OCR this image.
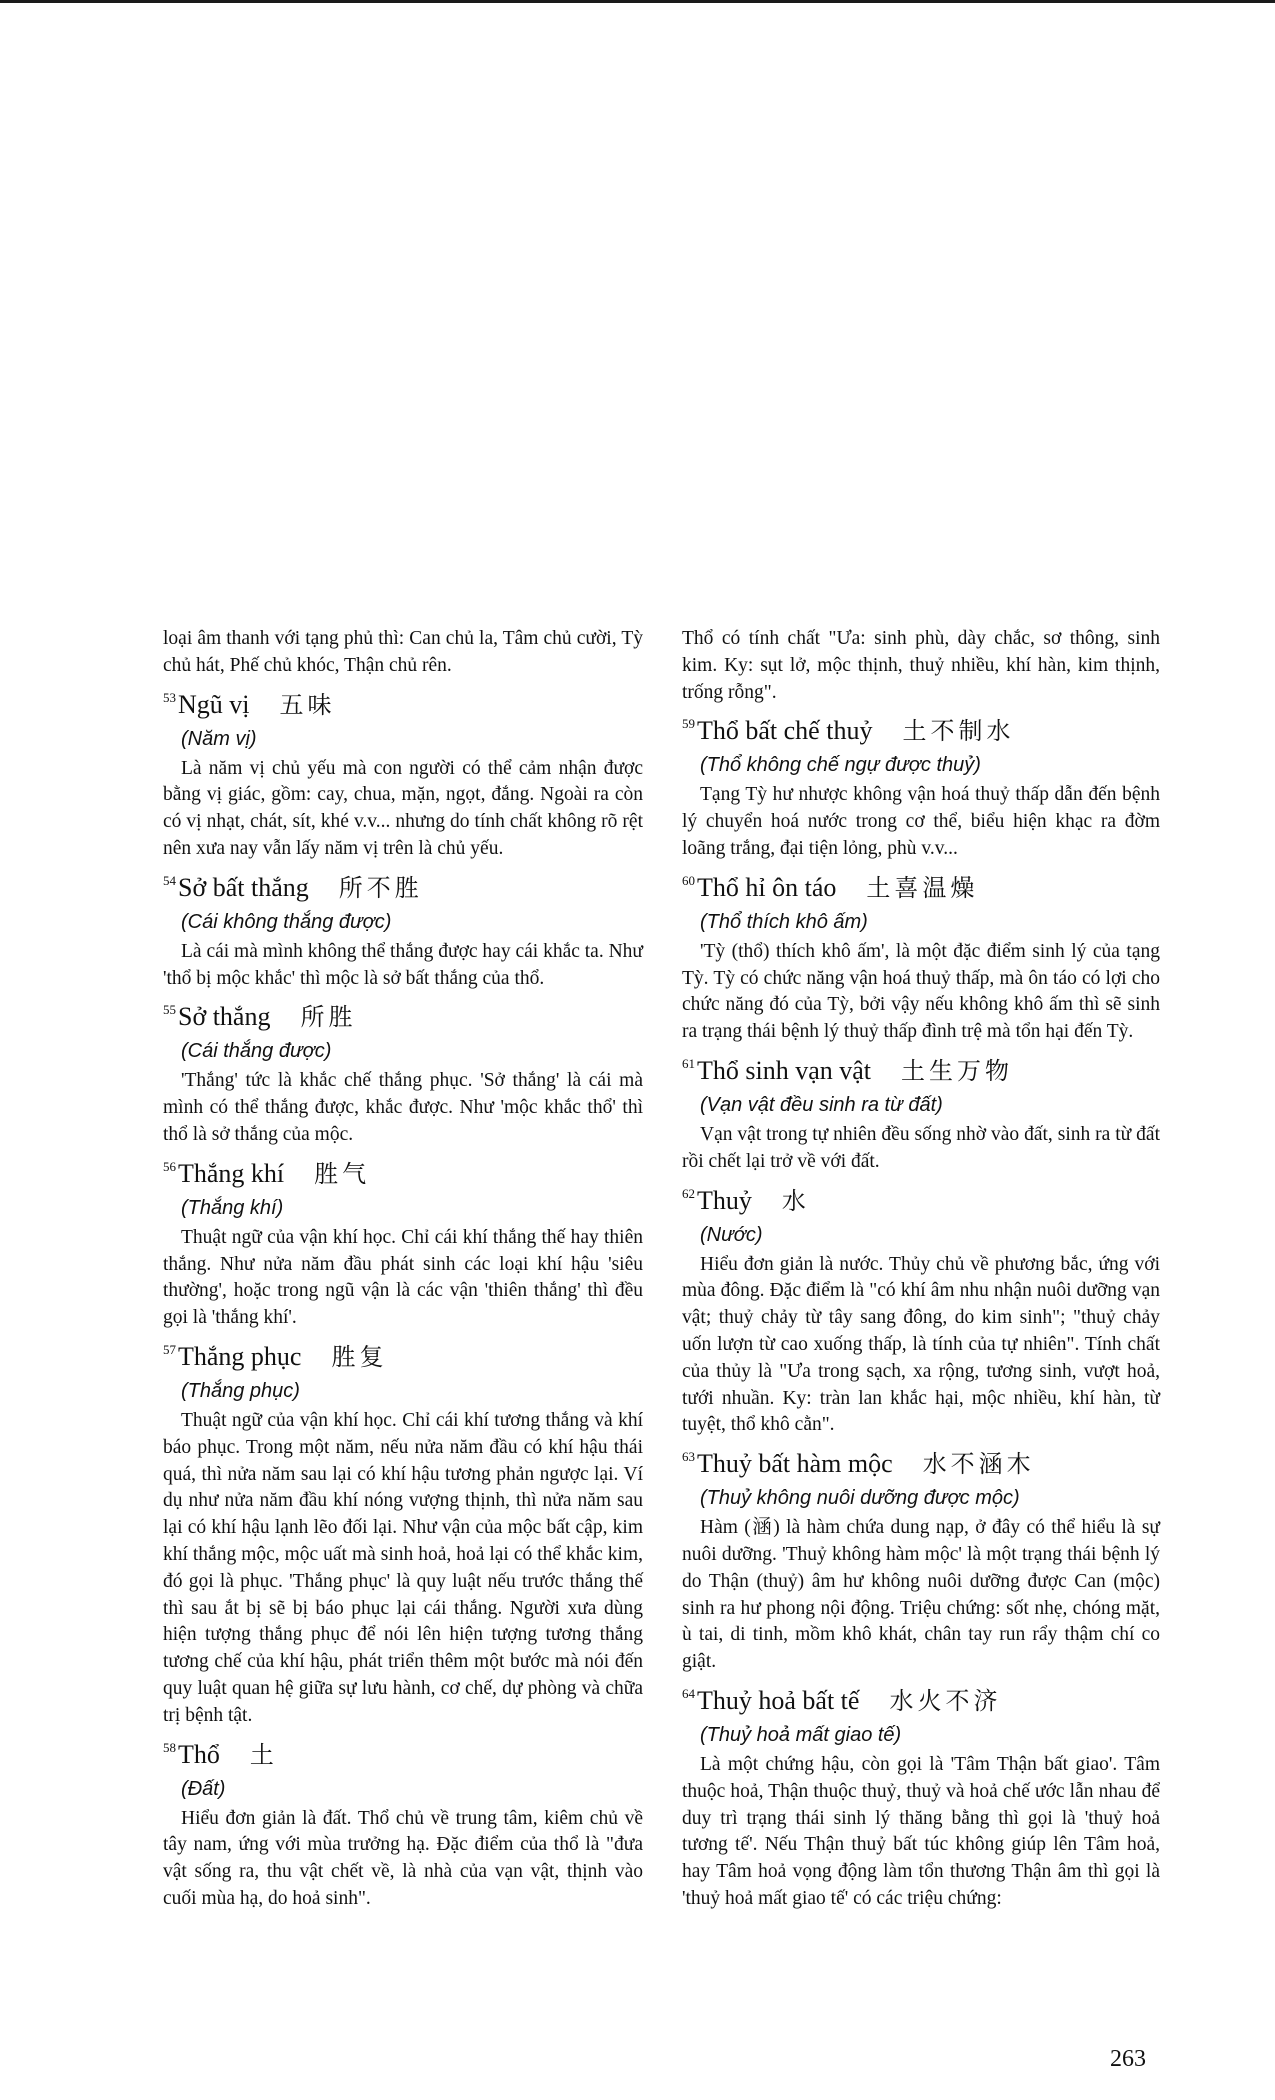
loại âm thanh với tạng phủ thì: Can chủ la, Tâm chủ cười, Tỳ chủ hát, Phế chủ khóc, Thận chủ rên.

53 Ngũ vị 五味
(Năm vị)

Là năm vị chủ yếu mà con người có thể cảm nhận được bằng vị giác, gồm: cay, chua, mặn, ngọt, đắng. Ngoài ra còn có vị nhạt, chát, sít, khé v.v... nhưng do tính chất không rõ rệt nên xưa nay vẫn lấy năm vị trên là chủ yếu.

54 Sở bất thắng 所不胜
(Cái không thắng được)

Là cái mà mình không thể thắng được hay cái khắc ta. Như 'thổ bị mộc khắc' thì mộc là sở bất thắng của thổ.

55 Sở thắng 所胜
(Cái thắng được)

'Thắng' tức là khắc chế thắng phục. 'Sở thắng' là cái mà mình có thể thắng được, khắc được. Như 'mộc khắc thổ' thì thổ là sở thắng của mộc.

56 Thắng khí 胜气
(Thắng khí)

Thuật ngữ của vận khí học. Chỉ cái khí thắng thế hay thiên thắng. Như nửa năm đầu phát sinh các loại khí hậu 'siêu thường', hoặc trong ngũ vận là các vận 'thiên thắng' thì đều gọi là 'thắng khí'.

57 Thắng phục 胜复
(Thắng phục)

Thuật ngữ của vận khí học. Chỉ cái khí tương thắng và khí báo phục. Trong một năm, nếu nửa năm đầu có khí hậu thái quá, thì nửa năm sau lại có khí hậu tương phản ngược lại. Ví dụ như nửa năm đầu khí nóng vượng thịnh, thì nửa năm sau lại có khí hậu lạnh lẽo đối lại. Như vận của mộc bất cập, kim khí thắng mộc, mộc uất mà sinh hoả, hoả lại có thể khắc kim, đó gọi là phục. 'Thắng phục' là quy luật nếu trước thắng thế thì sau ắt bị sẽ bị báo phục lại cái thắng. Người xưa dùng hiện tượng thắng phục để nói lên hiện tượng tương thắng tương chế của khí hậu, phát triển thêm một bước mà nói đến quy luật quan hệ giữa sự lưu hành, cơ chế, dự phòng và chữa trị bệnh tật.

58 Thổ 土
(Đất)

Hiểu đơn giản là đất. Thổ chủ về trung tâm, kiêm chủ về tây nam, ứng với mùa trưởng hạ. Đặc điểm của thổ là "đưa vật sống ra, thu vật chết về, là nhà của vạn vật, thịnh vào cuối mùa hạ, do hoả sinh".

Thổ có tính chất "Ưa: sinh phù, dày chắc, sơ thông, sinh kim. Ky: sụt lở, mộc thịnh, thuỷ nhiều, khí hàn, kim thịnh, trống rỗng".

59 Thổ bất chế thuỷ 土不制水
(Thổ không chế ngự được thuỷ)

Tạng Tỳ hư nhược không vận hoá thuỷ thấp dẫn đến bệnh lý chuyển hoá nước trong cơ thể, biểu hiện khạc ra đờm loãng trắng, đại tiện lỏng, phù v.v...

60 Thổ hỉ ôn táo 土喜温燥
(Thổ thích khô ấm)

'Tỳ (thổ) thích khô ấm', là một đặc điểm sinh lý của tạng Tỳ. Tỳ có chức năng vận hoá thuỷ thấp, mà ôn táo có lợi cho chức năng đó của Tỳ, bởi vậy nếu không khô ấm thì sẽ sinh ra trạng thái bệnh lý thuỷ thấp đình trệ mà tổn hại đến Tỳ.

61 Thổ sinh vạn vật 土生万物
(Vạn vật đều sinh ra từ đất)

Vạn vật trong tự nhiên đều sống nhờ vào đất, sinh ra từ đất rồi chết lại trở về với đất.

62 Thuỷ 水
(Nước)

Hiểu đơn giản là nước. Thủy chủ về phương bắc, ứng với mùa đông. Đặc điểm là "có khí âm nhu nhận nuôi dưỡng vạn vật; thuỷ chảy từ tây sang đông, do kim sinh"; "thuỷ chảy uốn lượn từ cao xuống thấp, là tính của tự nhiên". Tính chất của thủy là "Ưa trong sạch, xa rộng, tương sinh, vượt hoả, tưới nhuần. Ky: tràn lan khắc hại, mộc nhiều, khí hàn, từ tuyệt, thổ khô cằn".

63 Thuỷ bất hàm mộc 水不涵木
(Thuỷ không nuôi dưỡng được mộc)

Hàm (涵) là hàm chứa dung nạp, ở đây có thể hiểu là sự nuôi dưỡng. 'Thuỷ không hàm mộc' là một trạng thái bệnh lý do Thận (thuỷ) âm hư không nuôi dưỡng được Can (mộc) sinh ra hư phong nội động. Triệu chứng: sốt nhẹ, chóng mặt, ù tai, di tinh, mồm khô khát, chân tay run rẩy thậm chí co giật.

64 Thuỷ hoả bất tế 水火不济
(Thuỷ hoả mất giao tế)

Là một chứng hậu, còn gọi là 'Tâm Thận bất giao'. Tâm thuộc hoả, Thận thuộc thuỷ, thuỷ và hoả chế ước lẫn nhau để duy trì trạng thái sinh lý thăng bằng thì gọi là 'thuỷ hoả tương tế'. Nếu Thận thuỷ bất túc không giúp lên Tâm hoả, hay Tâm hoả vọng động làm tổn thương Thận âm thì gọi là 'thuỷ hoả mất giao tế' có các triệu chứng:

263
